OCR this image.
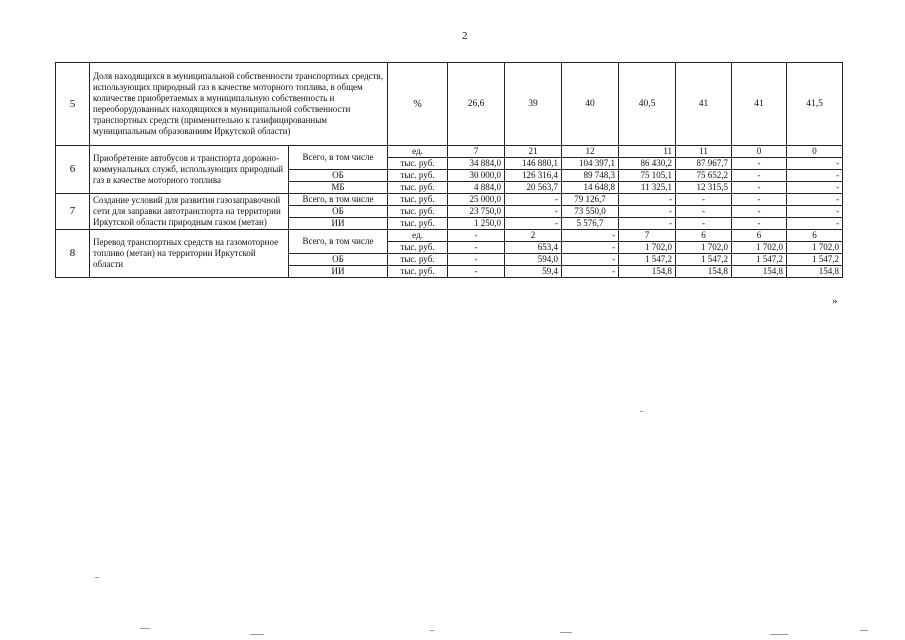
2
5	Доля находящихся в муниципальной собственности транспортных средств, использующих природный газ в качестве моторного топлива, в общем количестве приобретаемых в муниципальную собственность и переоборудованных находящихся в муниципальной собственности транспортных средств (применительно к газифицированным муниципальным образованиям Иркутской области)		%	26,6	39	40	40,5	41	41	41,5
6	Приобретение автобусов и транспорта дорожно-коммунальных служб, использующих природный газ в качестве моторного топлива	Всего, в том числе	ед.	7	21	12	11	11	0	0
			тыс. руб.	34 884,0	146 880,1	104 397,1	86 430,2	87 967,7	-	-
		ОБ	тыс. руб.	30 000,0	126 316,4	89 748,3	75 105,1	75 652,2	-	-
		МБ	тыс. руб.	4 884,0	20 563,7	14 648,8	11 325,1	12 315,5	-	-
7	Создание условий для развития газозаправочной сети для заправки автотранспорта на территории Иркутской области природным газом (метан)	Всего, в том числе	тыс. руб.	25 000,0	-	79 126,7	-	-	-	-
		ОБ	тыс. руб.	23 750,0	-	73 550,0	-	-	-	-
		ИИ	тыс. руб.	1 250,0	-	5 576,7	-	-	-	-
8	Перевод транспортных средств на газомоторное топливо (метан) на территории Иркутской области	Всего, в том числе	ед.	-	2	-	7	6	6	6
			тыс. руб.	-	653,4	-	1 702,0	1 702,0	1 702,0	1 702,0
		ОБ	тыс. руб.	-	594,0	-	1 547,2	1 547,2	1 547,2	1 547,2
		ИИ	тыс. руб.	-	59,4	-	154,8	154,8	154,8	154,8
»
